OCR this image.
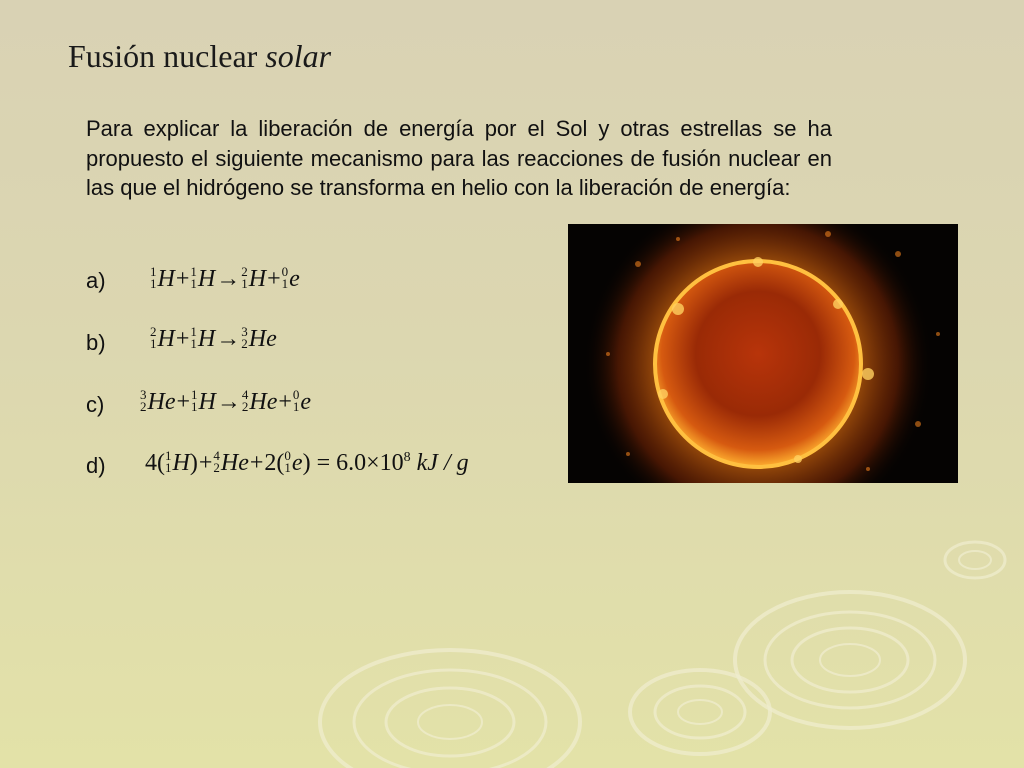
Fusión nuclear solar
Para explicar la liberación de energía por el Sol y otras estrellas se ha propuesto el siguiente mecanismo para las reacciones de fusión nuclear en las que el hidrógeno se transforma en helio con la liberación de energía:
a)
b)
c)
d)
1
1 H+ 1
1 H→ 2
1 H+ 0
1 e
2
1 H+ 1
1 H→ 3
2 He
3
2 He+ 1
1 H→ 4
2 He+ 0
1 e
4( 1
1 H)+ 4
2 He+2( 0
1 $e) = 6.0\times 10^8$ kJ / g
